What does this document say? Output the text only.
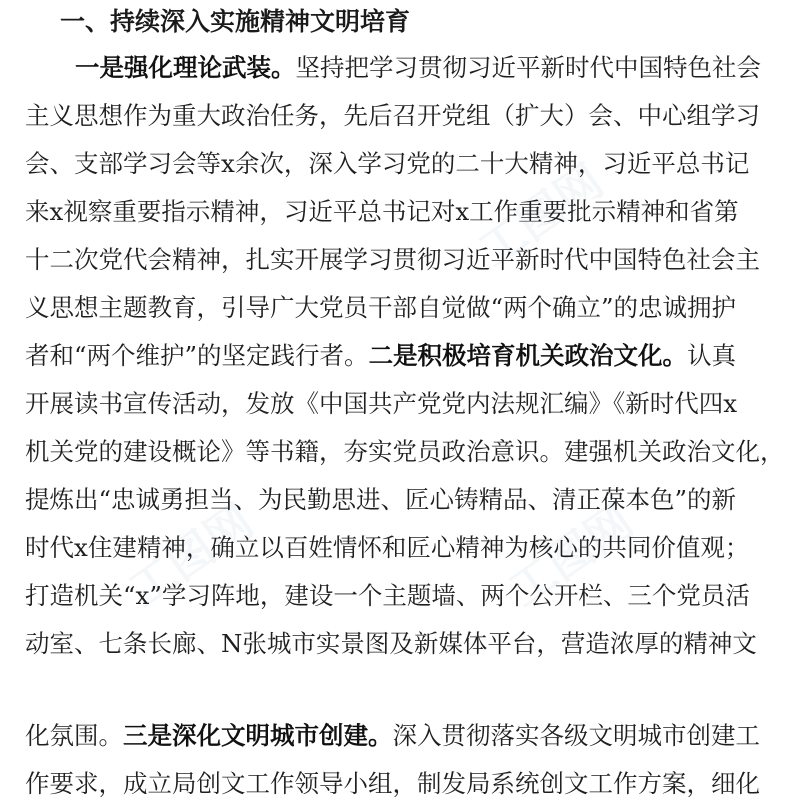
工图网
工图网	工图网
一、持续深入实施精神文明培育
一是强化理论武装。坚持把学习贯彻习近平新时代中国特色社会
主义思想作为重大政治任务，先后召开党组（扩大）会、中心组学习
会、支部学习会等x余次，深入学习党的二十大精神，习近平总书记
来x视察重要指示精神，习近平总书记对x工作重要批示精神和省第
十二次党代会精神，扎实开展学习贯彻习近平新时代中国特色社会主
义思想主题教育，引导广大党员干部自觉做“两个确立”的忠诚拥护
者和“两个维护”的坚定践行者。二是积极培育机关政治文化。认真
开展读书宣传活动，发放《中国共产党党内法规汇编》《新时代四x
机关党的建设概论》等书籍，夯实党员政治意识。建强机关政治文化，
提炼出“忠诚勇担当、为民勤思进、匠心铸精品、清正葆本色”的新
时代x住建精神，确立以百姓情怀和匠心精神为核心的共同价值观；
打造机关“x”学习阵地，建设一个主题墙、两个公开栏、三个党员活
动室、七条长廊、N张城市实景图及新媒体平台，营造浓厚的精神文
化氛围。三是深化文明城市创建。深入贯彻落实各级文明城市创建工
作要求，成立局创文工作领导小组，制发局系统创文工作方案，细化
